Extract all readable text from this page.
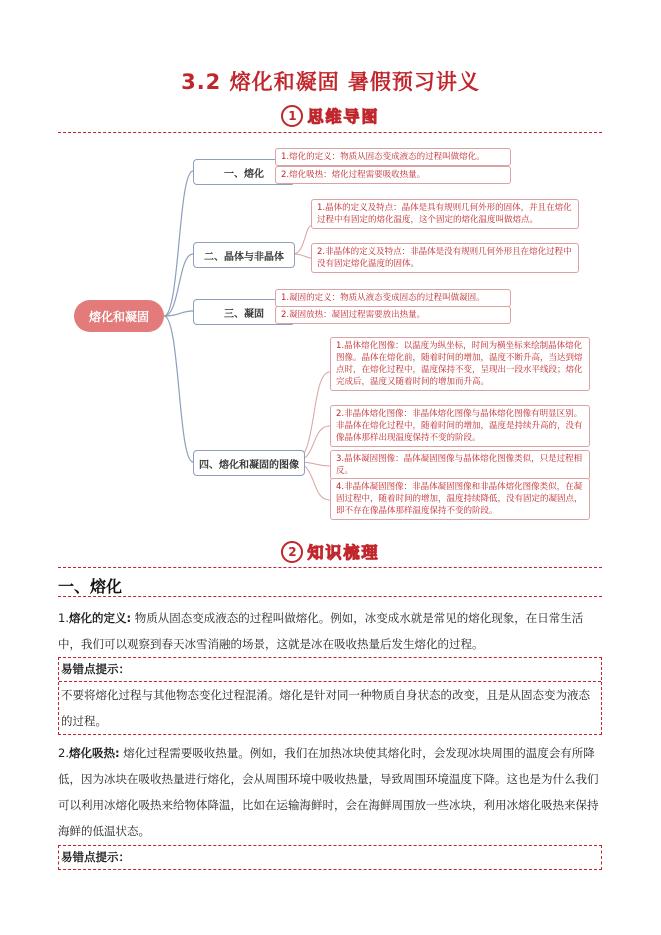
3.2 熔化和凝固 暑假预习讲义
1 思维导图
熔化和凝固
一、熔化
二、晶体与非晶体
三、凝固
四、熔化和凝固的图像
1.熔化的定义：物质从固态变成液态的过程叫做熔化。
2.熔化吸热：熔化过程需要吸收热量。
1.晶体的定义及特点：晶体是具有规则几何外形的固体，并且在熔化过程中有固定的熔化温度，这个固定的熔化温度叫做熔点。
2.非晶体的定义及特点：非晶体是没有规则几何外形且在熔化过程中没有固定熔化温度的固体。
1.凝固的定义：物质从液态变成固态的过程叫做凝固。
2.凝固放热：凝固过程需要放出热量。
1.晶体熔化图像：以温度为纵坐标，时间为横坐标来绘制晶体熔化图像。晶体在熔化前，随着时间的增加，温度不断升高，当达到熔点时，在熔化过程中，温度保持不变，呈现出一段水平线段；熔化完成后，温度又随着时间的增加而升高。
2.非晶体熔化图像：非晶体熔化图像与晶体熔化图像有明显区别。非晶体在熔化过程中，随着时间的增加，温度是持续升高的，没有像晶体那样出现温度保持不变的阶段。
3.晶体凝固图像：晶体凝固图像与晶体熔化图像类似，只是过程相反。
4.非晶体凝固图像：非晶体凝固图像和非晶体熔化图像类似，在凝固过程中，随着时间的增加，温度持续降低，没有固定的凝固点，即不存在像晶体那样温度保持不变的阶段。
2 知识梳理
一、熔化
1.熔化的定义: 物质从固态变成液态的过程叫做熔化。例如，冰变成水就是常见的熔化现象，在日常生活中，我们可以观察到春天冰雪消融的场景，这就是冰在吸收热量后发生熔化的过程。
易错点提示：
不要将熔化过程与其他物态变化过程混淆。熔化是针对同一种物质自身状态的改变，且是从固态变为液态的过程。
2.熔化吸热: 熔化过程需要吸收热量。例如，我们在加热冰块使其熔化时，会发现冰块周围的温度会有所降低，因为冰块在吸收热量进行熔化，会从周围环境中吸收热量，导致周围环境温度下降。这也是为什么我们可以利用冰熔化吸热来给物体降温，比如在运输海鲜时，会在海鲜周围放一些冰块，利用冰熔化吸热来保持海鲜的低温状态。
易错点提示：
